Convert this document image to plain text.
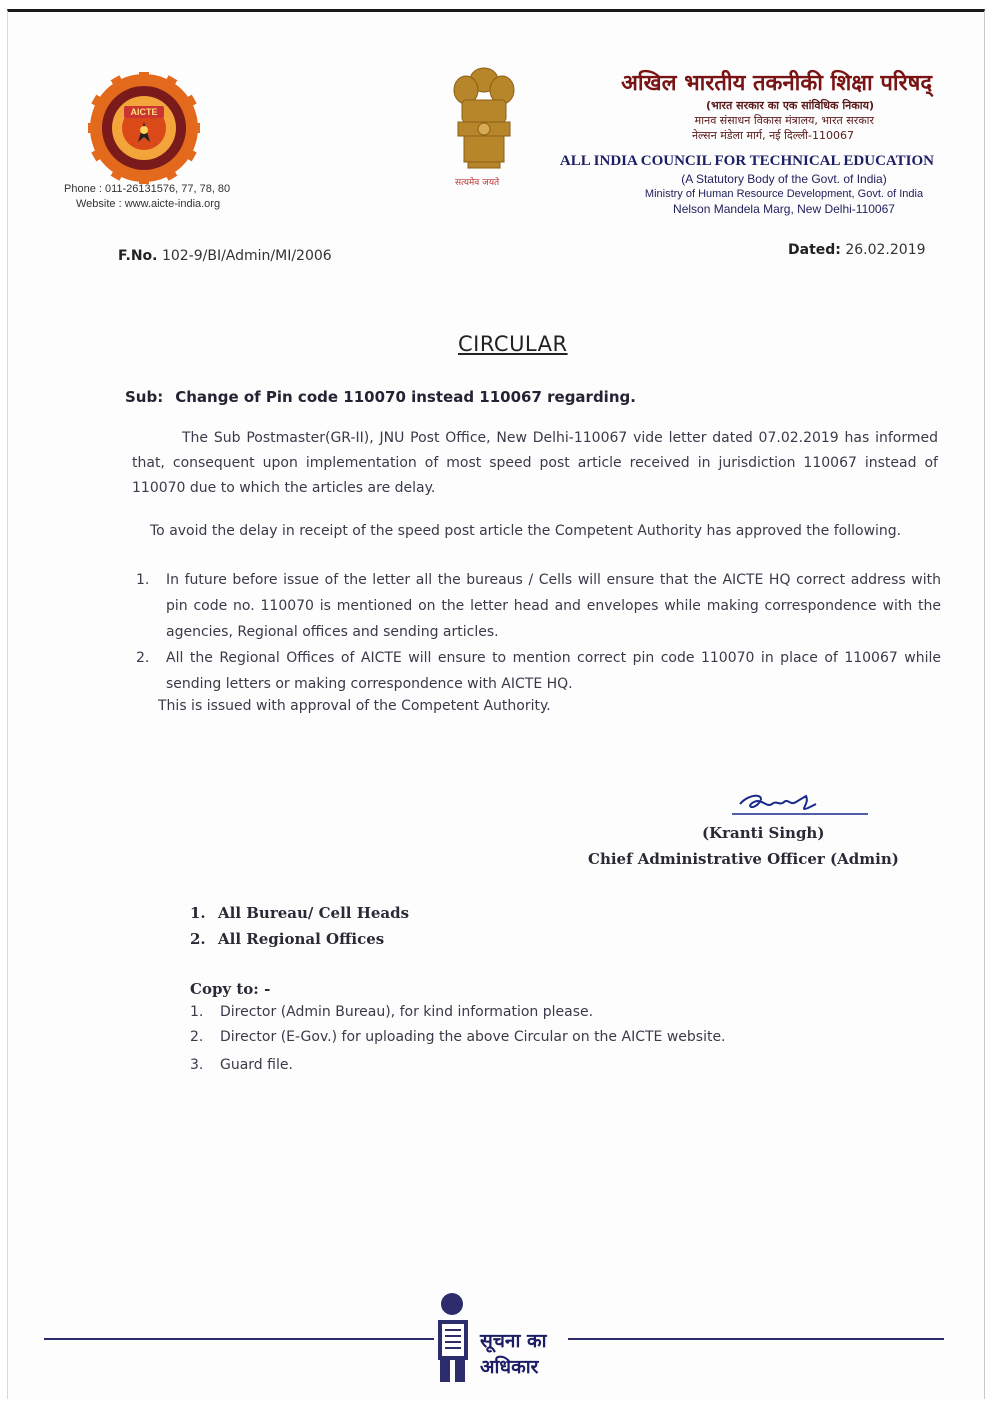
AICTE
Phone : 011-26131576, 77, 78, 80
Website : www.aicte-india.org
सत्यमेव जयते
अखिल भारतीय तकनीकी शिक्षा परिषद्
(भारत सरकार का एक सांविधिक निकाय)
मानव संसाधन विकास मंत्रालय, भारत सरकार
नेल्सन मंडेला मार्ग, नई दिल्ली-110067
ALL INDIA COUNCIL FOR TECHNICAL EDUCATION
(A Statutory Body of the Govt. of India)
Ministry of Human Resource Development, Govt. of India
Nelson Mandela Marg, New Delhi-110067
F.No. 102-9/BI/Admin/MI/2006	Dated: 26.02.2019
CIRCULAR
Sub: Change of Pin code 110070 instead 110067 regarding.
The Sub Postmaster(GR-II), JNU Post Office, New Delhi-110067 vide letter dated 07.02.2019 has informed that, consequent upon implementation of most speed post article received in jurisdiction 110067 instead of 110070 due to which the articles are delay.
To avoid the delay in receipt of the speed post article the Competent Authority has approved the following.
1. In future before issue of the letter all the bureaus / Cells will ensure that the AICTE HQ correct address with pin code no. 110070 is mentioned on the letter head and envelopes while making correspondence with the agencies, Regional offices and sending articles.
2. All the Regional Offices of AICTE will ensure to mention correct pin code 110070 in place of 110067 while sending letters or making correspondence with AICTE HQ.
This is issued with approval of the Competent Authority.
(Kranti Singh)
Chief Administrative Officer (Admin)
1. All Bureau/ Cell Heads
2. All Regional Offices
Copy to: -
1. Director (Admin Bureau), for kind information please.
2. Director (E-Gov.) for uploading the above Circular on the AICTE website.
3. Guard file.
सूचना का
अधिकार
